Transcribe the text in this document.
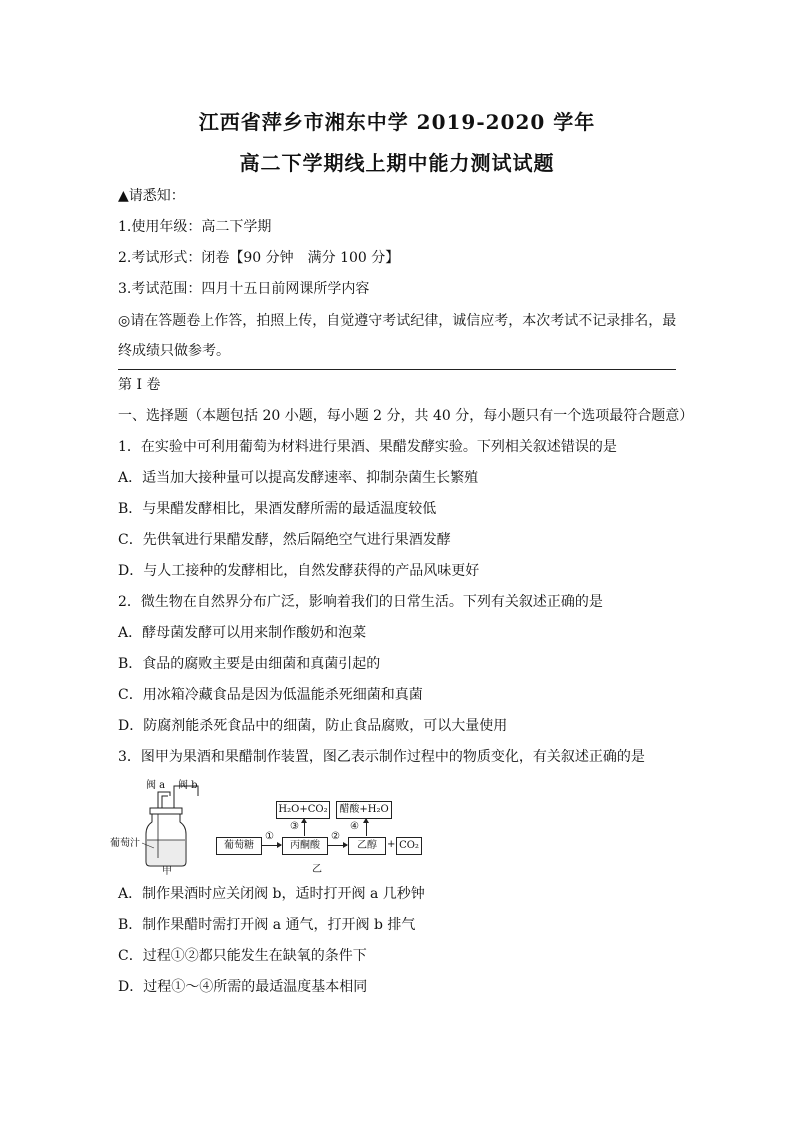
江西省萍乡市湘东中学 2019-2020 学年
高二下学期线上期中能力测试试题
▲请悉知：
1.使用年级：高二下学期
2.考试形式：闭卷【90 分钟　满分 100 分】
3.考试范围：四月十五日前网课所学内容
◎请在答题卷上作答，拍照上传，自觉遵守考试纪律，诚信应考，本次考试不记录排名，最
终成绩只做参考。
第 I 卷
一、选择题（本题包括 20 小题，每小题 2 分，共 40 分，每小题只有一个选项最符合题意）
1．在实验中可利用葡萄为材料进行果酒、果醋发酵实验。下列相关叙述错误的是
A．适当加大接种量可以提高发酵速率、抑制杂菌生长繁殖
B．与果醋发酵相比，果酒发酵所需的最适温度较低
C．先供氧进行果醋发酵，然后隔绝空气进行果酒发酵
D．与人工接种的发酵相比，自然发酵获得的产品风味更好
2．微生物在自然界分布广泛，影响着我们的日常生活。下列有关叙述正确的是
A．酵母菌发酵可以用来制作酸奶和泡菜
B．食品的腐败主要是由细菌和真菌引起的
C．用冰箱冷藏食品是因为低温能杀死细菌和真菌
D．防腐剂能杀死食品中的细菌，防止食品腐败，可以大量使用
3．图甲为果酒和果醋制作装置，图乙表示制作过程中的物质变化，有关叙述正确的是
阀 a 阀 b
葡萄汁
甲
葡萄糖
①
丙酮酸
②
乙醇	+ CO₂
③
H₂O+CO₂
④
醋酸+H₂O
乙
A．制作果酒时应关闭阀 b，适时打开阀 a 几秒钟
B．制作果醋时需打开阀 a 通气，打开阀 b 排气
C．过程①②都只能发生在缺氧的条件下
D．过程①～④所需的最适温度基本相同
